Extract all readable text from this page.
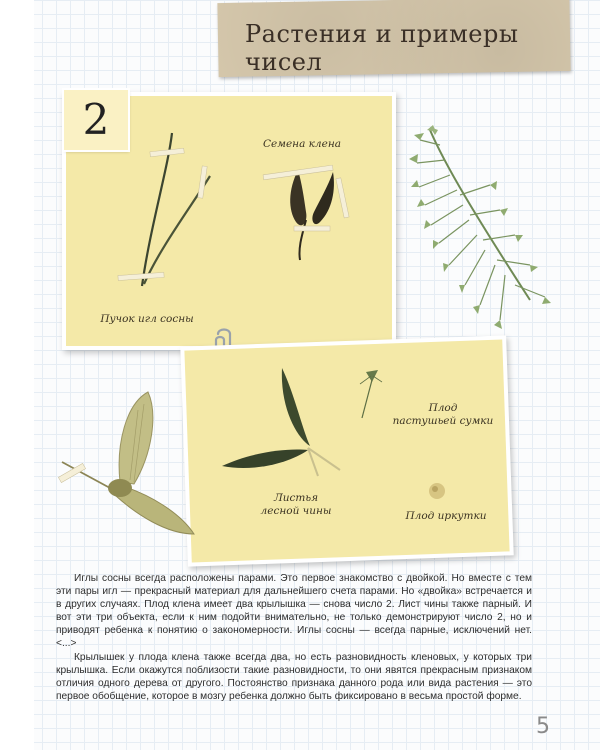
Растения и примеры чисел
2	Семена клена
Пучок игл сосны
Плод
пастушьей сумки
Листья
лесной чины	Плод иркутки

Иглы сосны всегда расположены парами. Это первое знакомство с двойкой. Но вместе с тем эти пары игл — прекрасный материал для дальнейшего счета парами. Но «двойка» встречается и в других случаях. Плод клена имеет два крылышка — снова число 2. Лист чины также парный. И вот эти три объекта, если к ним подойти внимательно, не только демонстрируют число 2, но и приводят ребенка к понятию о закономерности. Иглы сосны — всегда парные, исключений нет. <...>

Крылышек у плода клена также всегда два, но есть разновидность кленовых, у которых три крылышка. Если окажутся поблизости такие разновидности, то они явятся прекрасным признаком отличия одного дерева от другого. Постоянство признака данного рода или вида растения — это первое обобщение, которое в мозгу ребенка должно быть фиксировано в весьма простой форме.

5
